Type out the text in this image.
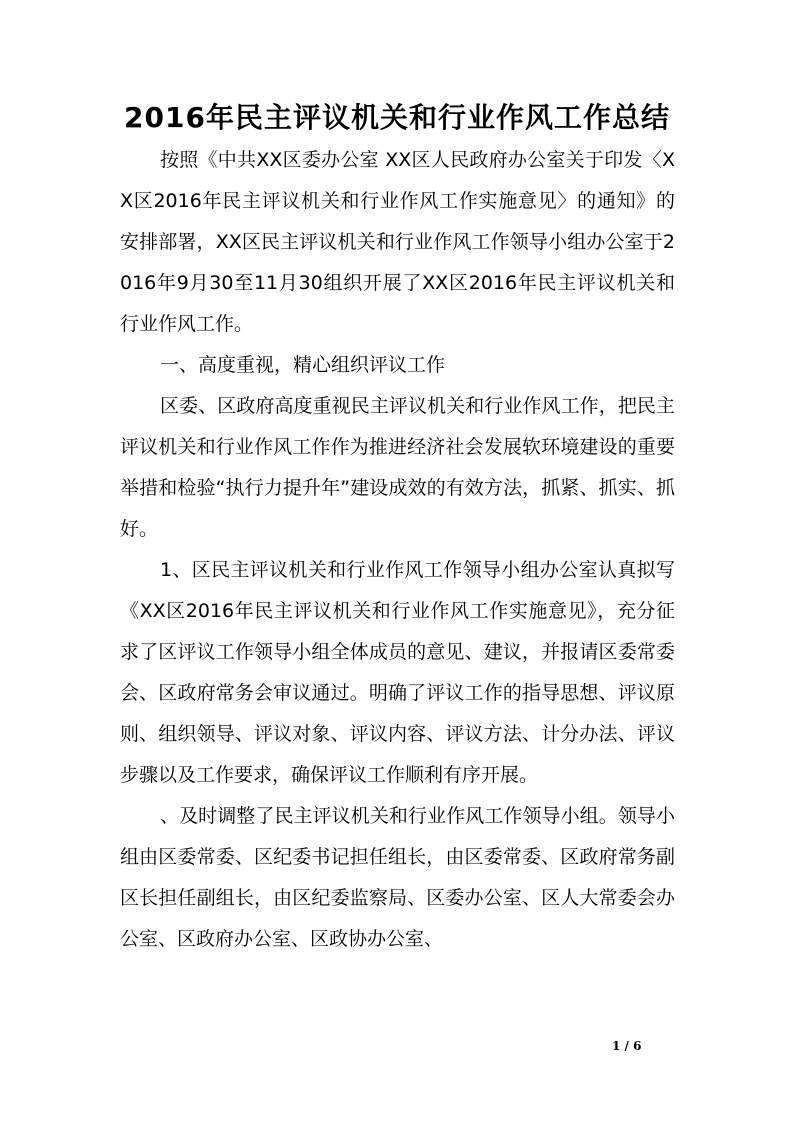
2016年民主评议机关和行业作风工作总结

按照《中共XX区委办公室 XX区人民政府办公室关于印发〈XX区2016年民主评议机关和行业作风工作实施意见〉的通知》的安排部署，XX区民主评议机关和行业作风工作领导小组办公室于2016年9月30至11月30组织开展了XX区2016年民主评议机关和行业作风工作。

一、高度重视，精心组织评议工作

区委、区政府高度重视民主评议机关和行业作风工作，把民主评议机关和行业作风工作作为推进经济社会发展软环境建设的重要举措和检验“执行力提升年”建设成效的有效方法，抓紧、抓实、抓好。

1、区民主评议机关和行业作风工作领导小组办公室认真拟写《XX区2016年民主评议机关和行业作风工作实施意见》，充分征求了区评议工作领导小组全体成员的意见、建议，并报请区委常委会、区政府常务会审议通过。明确了评议工作的指导思想、评议原则、组织领导、评议对象、评议内容、评议方法、计分办法、评议步骤以及工作要求，确保评议工作顺利有序开展。

、及时调整了民主评议机关和行业作风工作领导小组。领导小组由区委常委、区纪委书记担任组长，由区委常委、区政府常务副区长担任副组长，由区纪委监察局、区委办公室、区人大常委会办公室、区政府办公室、区政协办公室、

1 / 6
